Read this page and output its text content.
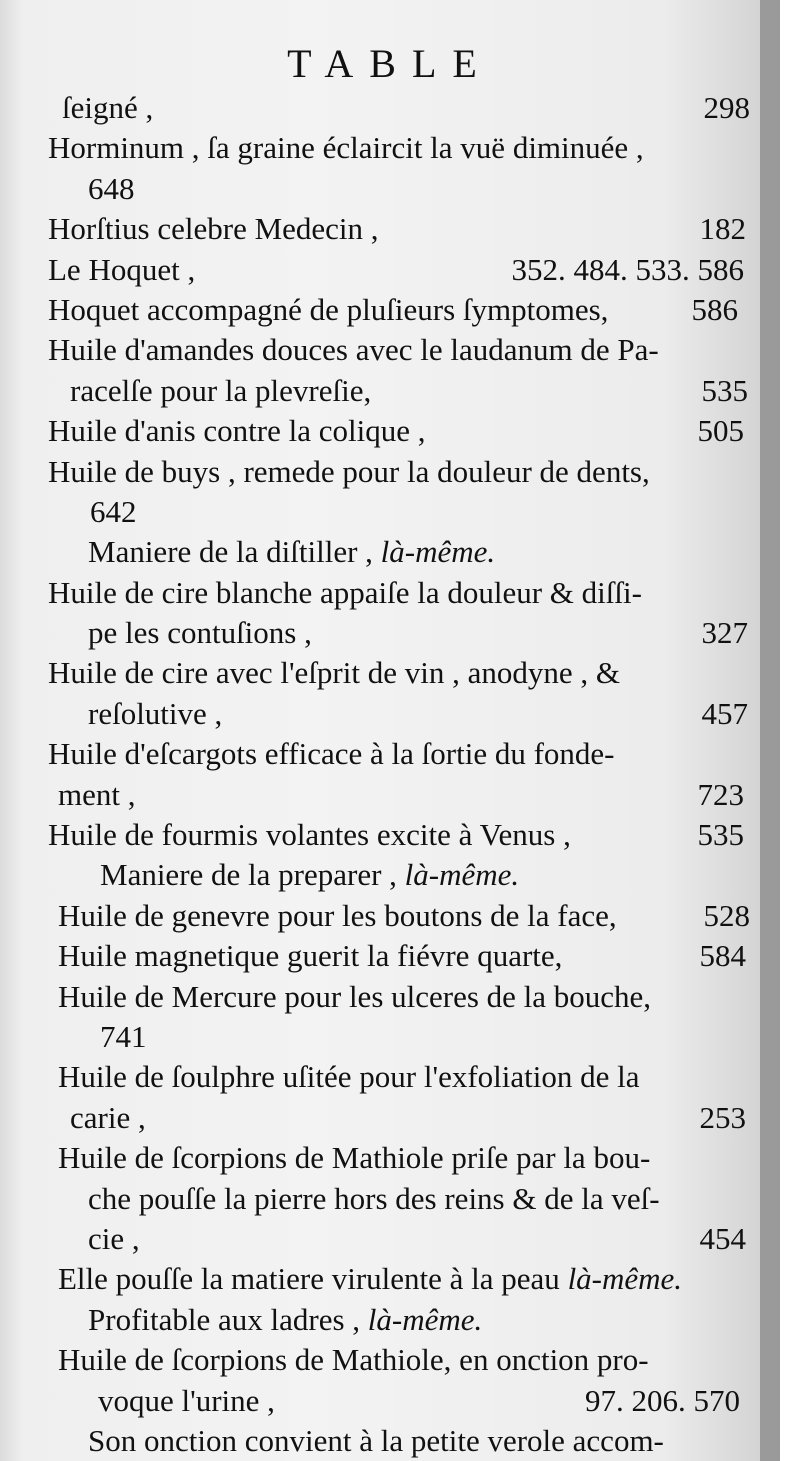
TABLE
ſeigné ,	298
Horminum , ſa graine éclaircit la vuë diminuée ,
648
Horſtius celebre Medecin ,	182
Le Hoquet ,	352. 484. 533. 586
Hoquet accompagné de pluſieurs ſymptomes,	586
Huile d'amandes douces avec le laudanum de Pa-
racelſe pour la plevreſie,	535
Huile d'anis contre la colique ,	505
Huile de buys , remede pour la douleur de dents,
642
Maniere de la diſtiller , là-même.
Huile de cire blanche appaiſe la douleur & diſſi-
pe les contuſions ,	327
Huile de cire avec l'eſprit de vin , anodyne , &
reſolutive ,	457
Huile d'eſcargots efficace à la ſortie du fonde-
ment ,	723
Huile de fourmis volantes excite à Venus ,	535
Maniere de la preparer , là-même.
Huile de genevre pour les boutons de la face,	528
Huile magnetique guerit la fiévre quarte,	584
Huile de Mercure pour les ulceres de la bouche,
741
Huile de ſoulphre uſitée pour l'exfoliation de la
carie ,	253
Huile de ſcorpions de Mathiole priſe par la bou-
che pouſſe la pierre hors des reins & de la veſ-
cie ,	454
Elle pouſſe la matiere virulente à la peau là-même.
Profitable aux ladres , là-même.
Huile de ſcorpions de Mathiole, en onction pro-
voque l'urine ,	97. 206. 570
Son onction convient à la petite verole accom-
